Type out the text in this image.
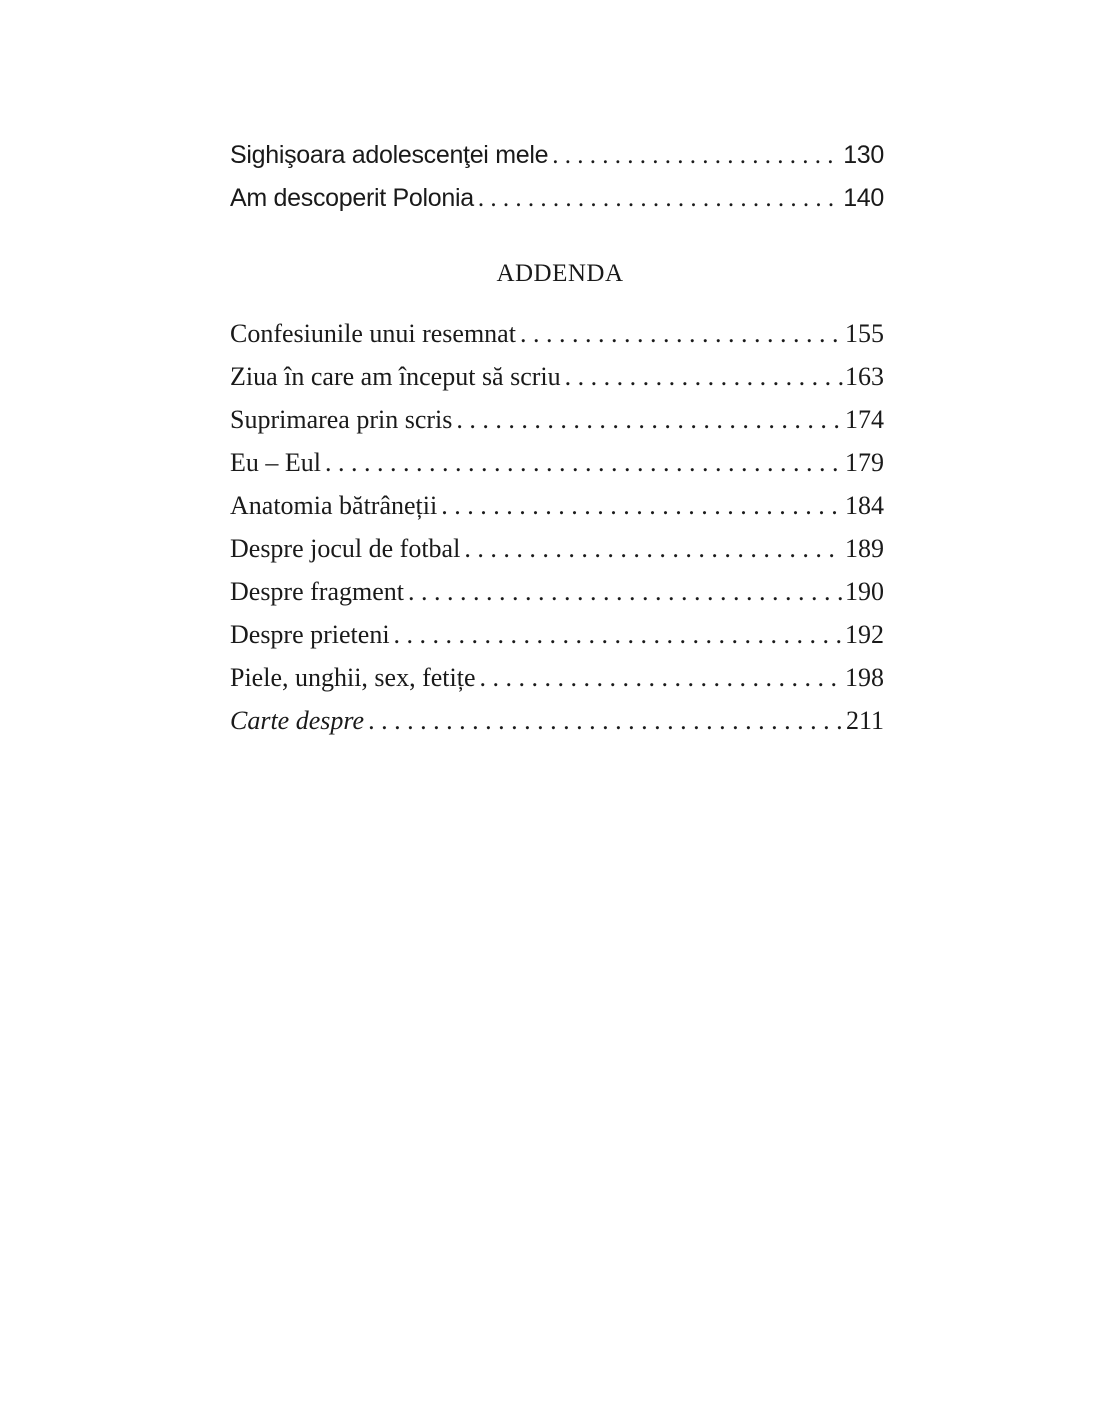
Sighişoara adolescenţei mele . . .	130
Am descoperit Polonia . . .	140
ADDENDA
Confesiunile unui resemnat . . .	155
Ziua în care am început să scriu . . .	163
Suprimarea prin scris . . .	174
Eu – Eul . . .	179
Anatomia bătrâneții . . .	184
Despre jocul de fotbal . . .	189
Despre fragment . . .	190
Despre prieteni . . .	192
Piele, unghii, sex, fetițe . . .	198
Carte despre . . .	211
